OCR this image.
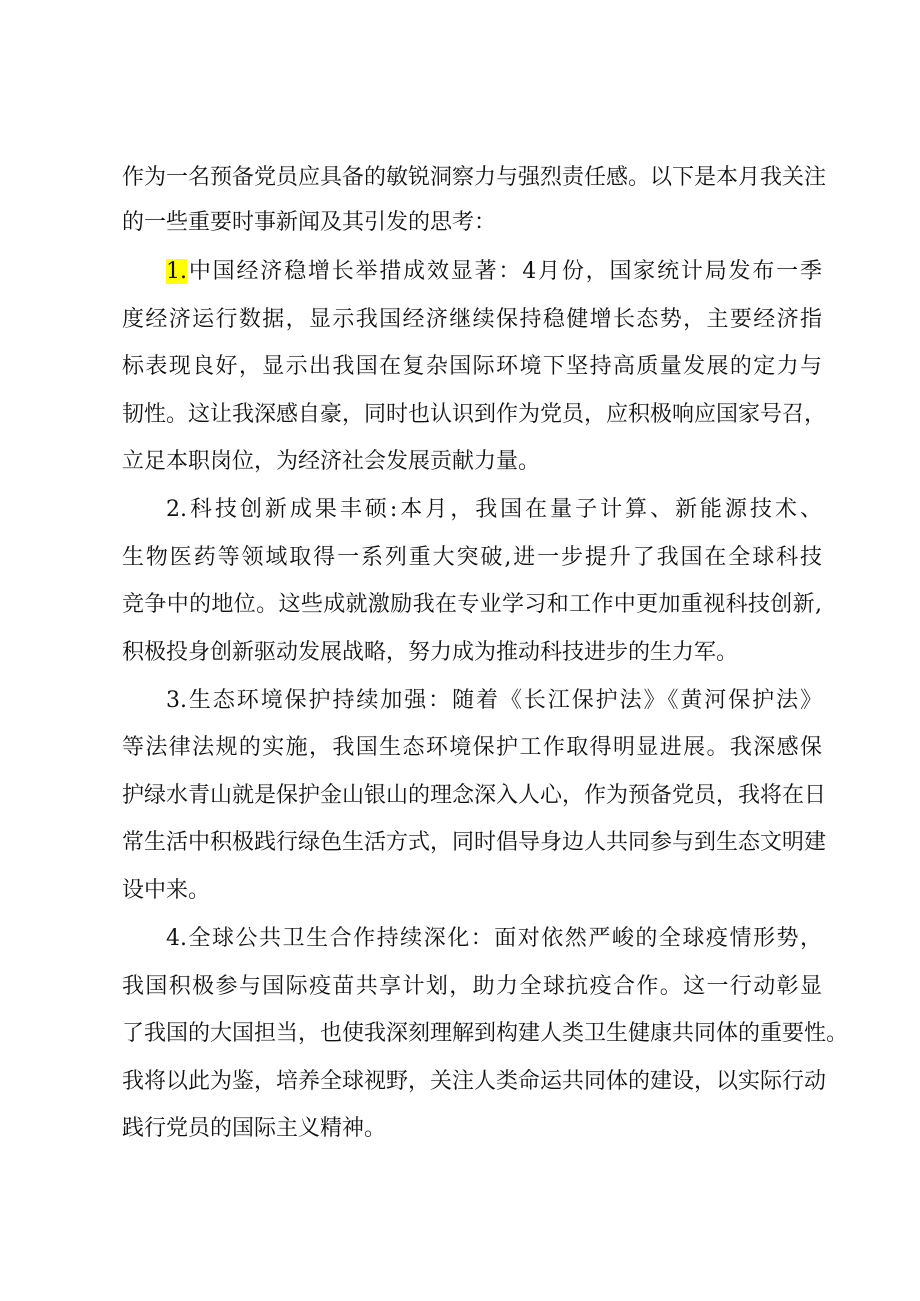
作为一名预备党员应具备的敏锐洞察力与强烈责任感。以下是本月我关注
的一些重要时事新闻及其引发的思考：
1.中国经济稳增长举措成效显著：4月份，国家统计局发布一季
度经济运行数据，显示我国经济继续保持稳健增长态势，主要经济指
标表现良好，显示出我国在复杂国际环境下坚持高质量发展的定力与
韧性。这让我深感自豪，同时也认识到作为党员，应积极响应国家号召，
立足本职岗位，为经济社会发展贡献力量。
2.科技创新成果丰硕:本月，我国在量子计算、新能源技术、
生物医药等领域取得一系列重大突破,进一步提升了我国在全球科技
竞争中的地位。这些成就激励我在专业学习和工作中更加重视科技创新,
积极投身创新驱动发展战略，努力成为推动科技进步的生力军。
3.生态环境保护持续加强：随着《长江保护法》《黄河保护法》
等法律法规的实施，我国生态环境保护工作取得明显进展。我深感保
护绿水青山就是保护金山银山的理念深入人心，作为预备党员，我将在日
常生活中积极践行绿色生活方式，同时倡导身边人共同参与到生态文明建
设中来。
4.全球公共卫生合作持续深化：面对依然严峻的全球疫情形势，
我国积极参与国际疫苗共享计划，助力全球抗疫合作。这一行动彰显
了我国的大国担当，也使我深刻理解到构建人类卫生健康共同体的重要性。
我将以此为鉴，培养全球视野，关注人类命运共同体的建设，以实际行动
践行党员的国际主义精神。
